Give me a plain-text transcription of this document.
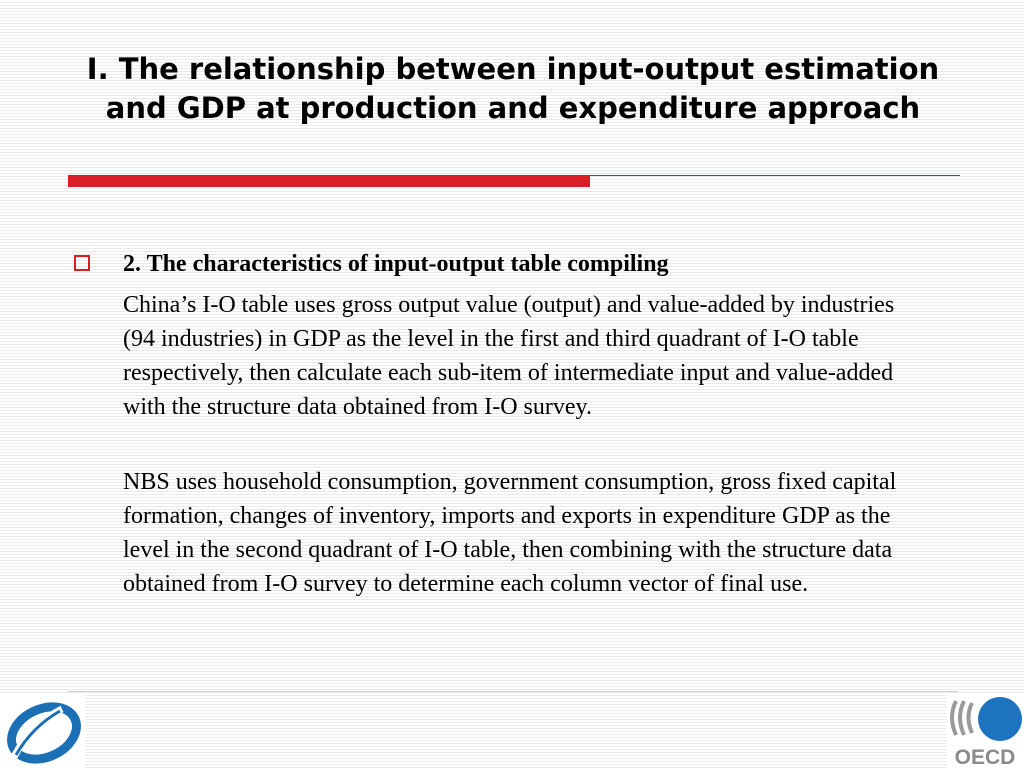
I. The relationship between input-output estimation and GDP at production and expenditure approach
2. The characteristics of input-output table compiling

China’s I-O table uses gross output value (output) and value-added by industries (94 industries) in GDP as the level in the first and third quadrant of I-O table respectively, then calculate each sub-item of intermediate input and value-added with the structure data obtained from I-O survey.

NBS uses household consumption, government consumption, gross fixed capital formation, changes of inventory, imports and exports in expenditure GDP as the level in the second quadrant of I-O table, then combining with the structure data obtained from I-O survey to determine each column vector of final use.

OECD
